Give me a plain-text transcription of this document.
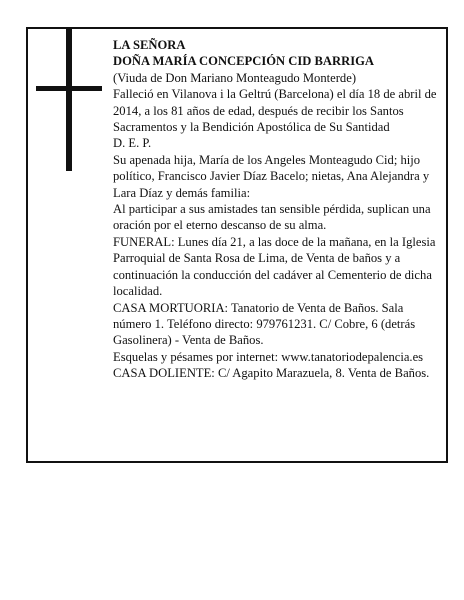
LA SEÑORA

DOÑA MARÍA CONCEPCIÓN CID BARRIGA

(Viuda de Don Mariano Monteagudo Monterde)

Falleció en Vilanova i la Geltrú (Barcelona) el día 18 de abril de 2014, a los 81 años de edad, después de recibir los Santos Sacramentos y la Bendición Apostólica de Su Santidad

D. E. P.

Su apenada hija, María de los Angeles Monteagudo Cid; hijo político, Francisco Javier Díaz Bacelo; nietas, Ana Alejandra y Lara Díaz y demás familia:

Al participar a sus amistades tan sensible pérdida, suplican una oración por el eterno descanso de su alma.

FUNERAL: Lunes día 21, a las doce de la mañana, en la Iglesia Parroquial de Santa Rosa de Lima, de Venta de baños y a continuación la conducción del cadáver al Cementerio de dicha localidad.

CASA MORTUORIA: Tanatorio de Venta de Baños. Sala número 1. Teléfono directo: 979761231. C/ Cobre, 6 (detrás Gasolinera) - Venta de Baños.

Esquelas y pésames por internet: www.tanatoriodepalencia.es

CASA DOLIENTE: C/ Agapito Marazuela, 8. Venta de Baños.
